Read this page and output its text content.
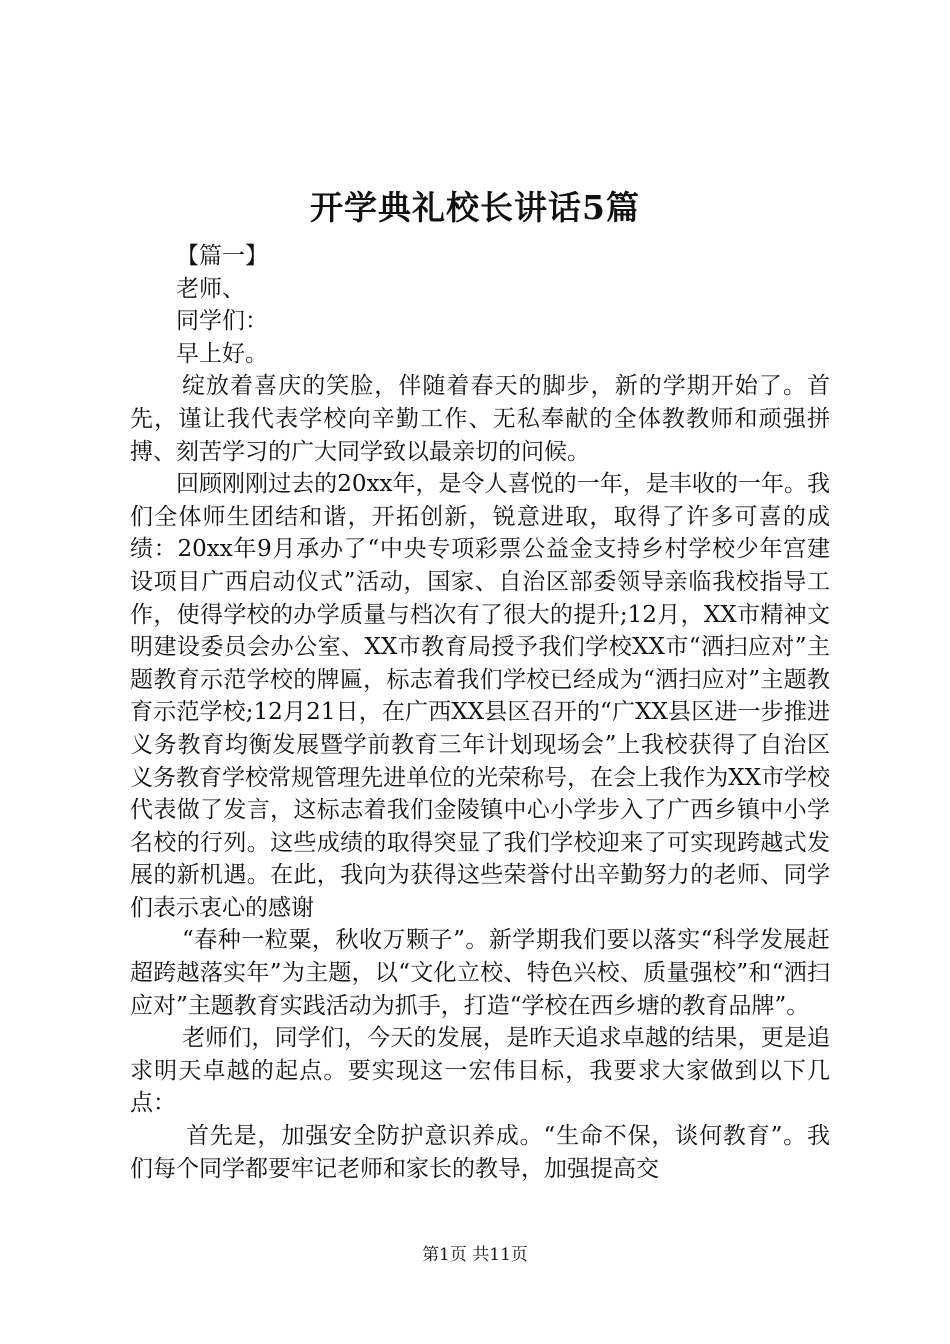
开学典礼校长讲话5篇

【篇一】

老师、

同学们：

早上好。

绽放着喜庆的笑脸，伴随着春天的脚步，新的学期开始了。首先，谨让我代表学校向辛勤工作、无私奉献的全体教教师和顽强拼搏、刻苦学习的广大同学致以最亲切的问候。

回顾刚刚过去的20xx年，是令人喜悦的一年，是丰收的一年。我们全体师生团结和谐，开拓创新，锐意进取，取得了许多可喜的成绩：20xx年9月承办了“中央专项彩票公益金支持乡村学校少年宫建设项目广西启动仪式”活动，国家、自治区部委领导亲临我校指导工作，使得学校的办学质量与档次有了很大的提升;12月，XX市精神文明建设委员会办公室、XX市教育局授予我们学校XX市“洒扫应对”主题教育示范学校的牌匾，标志着我们学校已经成为“洒扫应对”主题教育示范学校;12月21日，在广西XX县区召开的“广XX县区进一步推进义务教育均衡发展暨学前教育三年计划现场会”上我校获得了自治区义务教育学校常规管理先进单位的光荣称号，在会上我作为XX市学校代表做了发言，这标志着我们金陵镇中心小学步入了广西乡镇中小学名校的行列。这些成绩的取得突显了我们学校迎来了可实现跨越式发展的新机遇。在此，我向为获得这些荣誉付出辛勤努力的老师、同学们表示衷心的感谢

“春种一粒粟，秋收万颗子”。新学期我们要以落实“科学发展赶超跨越落实年”为主题，以“文化立校、特色兴校、质量强校”和“洒扫应对”主题教育实践活动为抓手，打造“学校在西乡塘的教育品牌”。

老师们，同学们，今天的发展，是昨天追求卓越的结果，更是追求明天卓越的起点。要实现这一宏伟目标，我要求大家做到以下几点：

首先是，加强安全防护意识养成。“生命不保，谈何教育”。我们每个同学都要牢记老师和家长的教导，加强提高交

第1页 共11页
